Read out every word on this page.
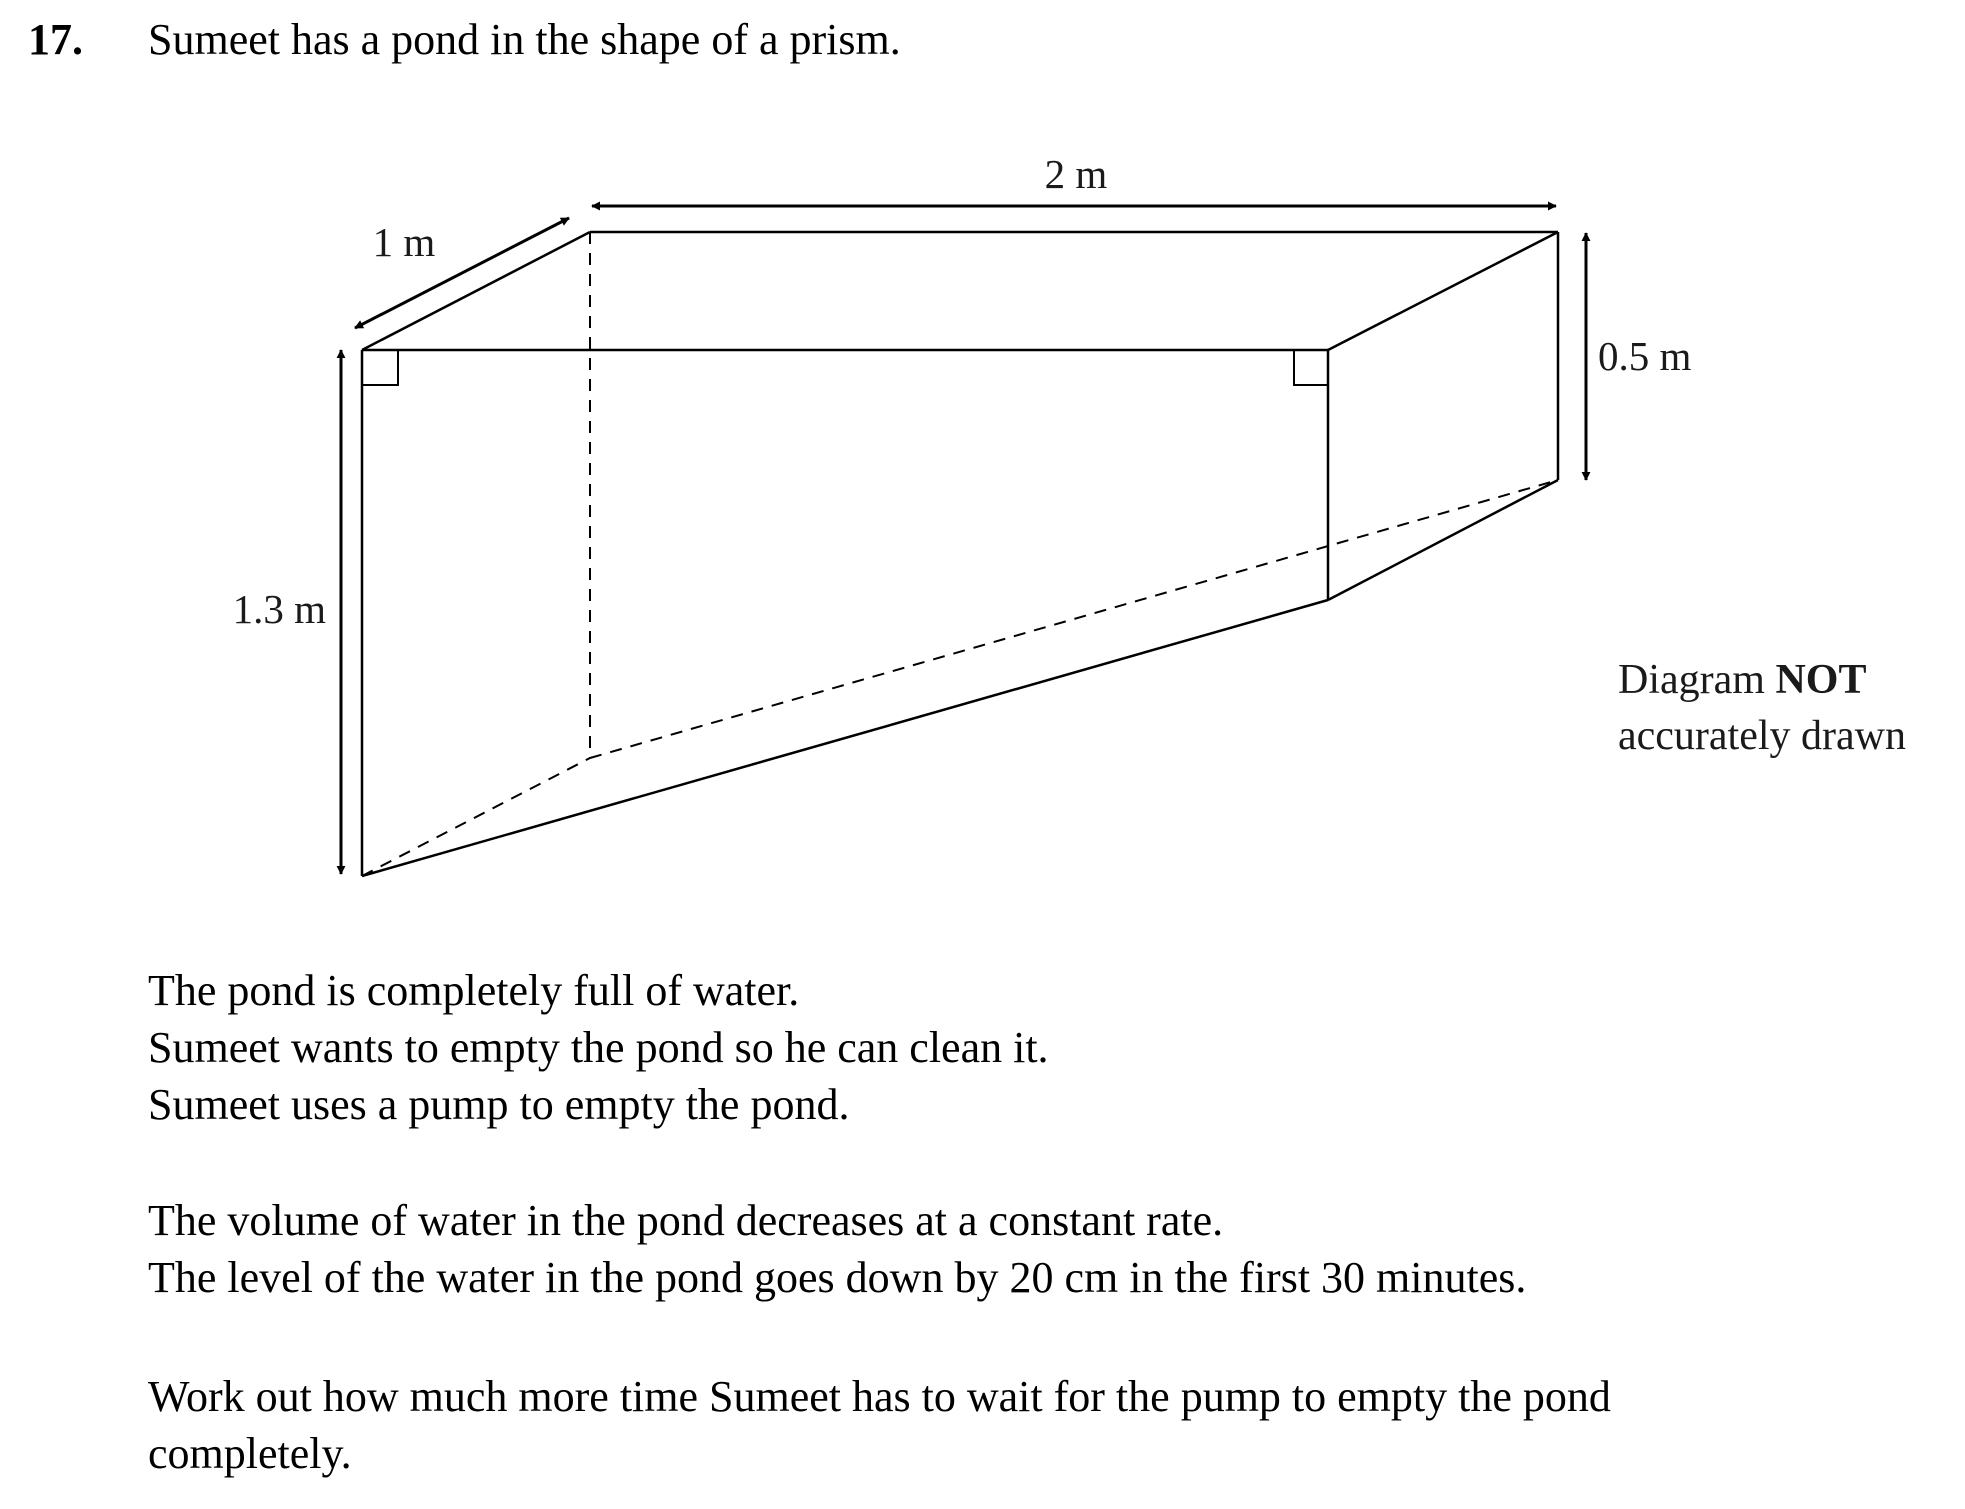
17. Sumeet has a pond in the shape of a prism.
2 m
1 m
0.5 m
1.3 m
Diagram NOT
accurately drawn
The pond is completely full of water.
Sumeet wants to empty the pond so he can clean it.
Sumeet uses a pump to empty the pond.
The volume of water in the pond decreases at a constant rate.
The level of the water in the pond goes down by 20 cm in the first 30 minutes.
Work out how much more time Sumeet has to wait for the pump to empty the pond
completely.
